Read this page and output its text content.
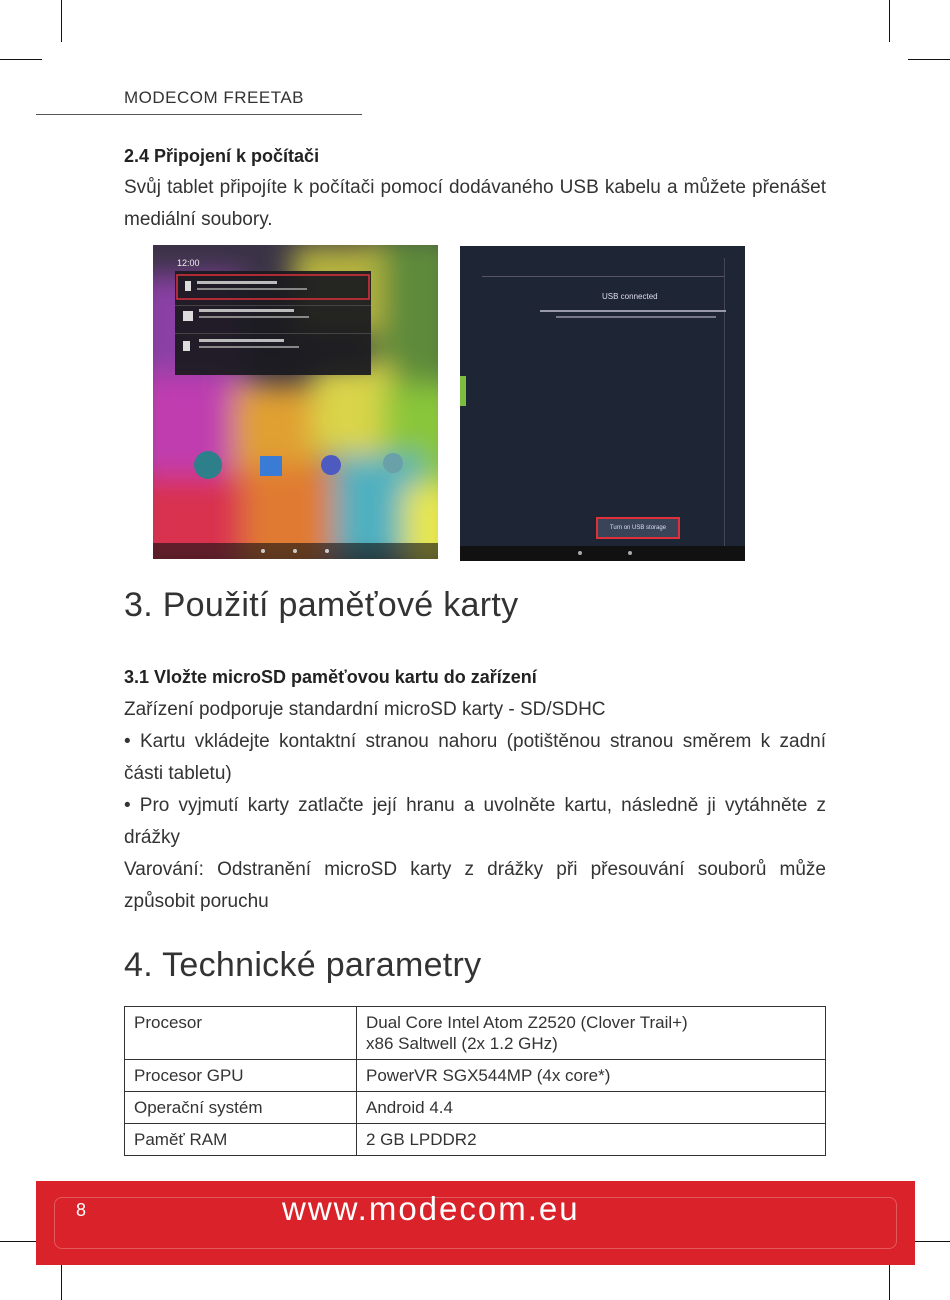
MODECOM FREETAB
2.4 Připojení k počítači

Svůj tablet připojíte k počítači pomocí dodávaného USB kabelu a můžete přenášet mediální soubory.

12:00
USB connected
Turn on USB storage
3. Použití paměťové karty
3.1 Vložte microSD paměťovou kartu do zařízení

Zařízení podporuje standardní microSD karty - SD/SDHC

• Kartu vkládejte kontaktní stranou nahoru (potištěnou stranou směrem k zadní části tabletu)

• Pro vyjmutí karty zatlačte její hranu a uvolněte kartu, následně ji vytáhněte z drážky

Varování: Odstranění microSD karty z drážky při přesouvání souborů může způsobit poruchu

4. Technické parametry
Procesor	Dual Core Intel Atom Z2520 (Clover Trail+)
x86 Saltwell (2x 1.2 GHz)
Procesor GPU	PowerVR SGX544MP (4x core*)
Operační systém	Android 4.4
Paměť RAM	2 GB LPDDR2
8	www.modecom.eu
